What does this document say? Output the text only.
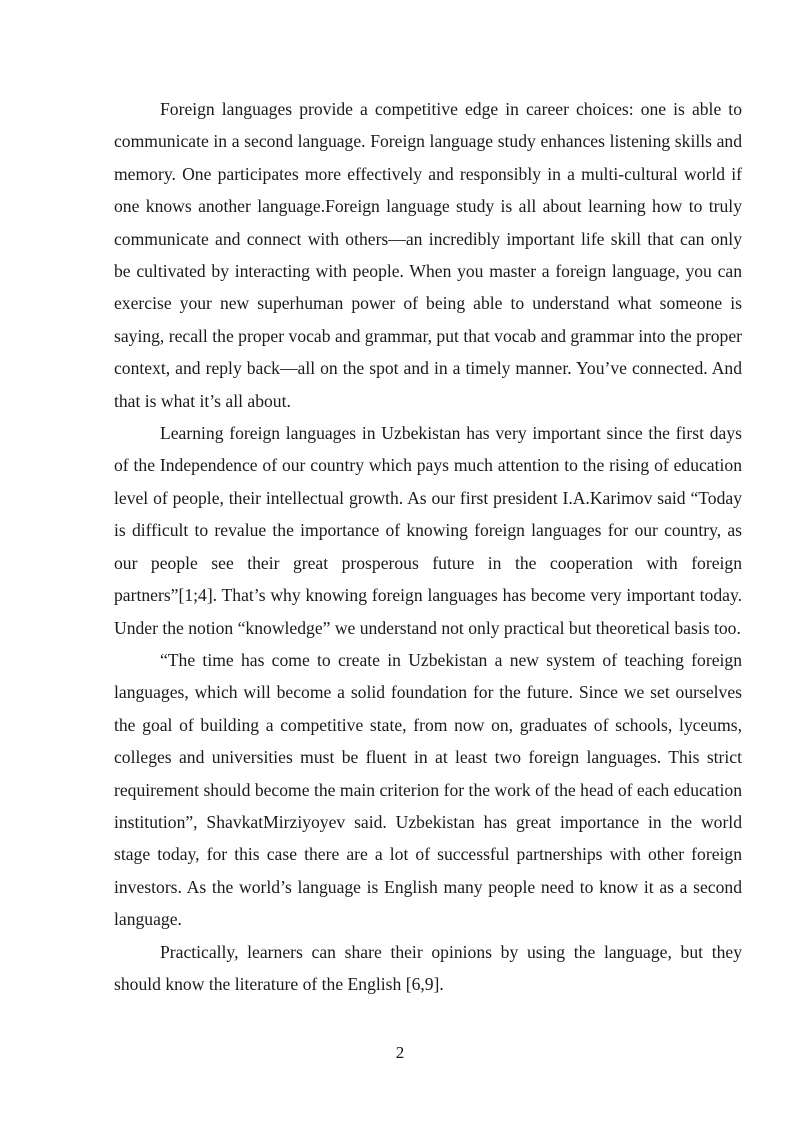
Foreign languages provide a competitive edge in career choices: one is able to communicate in a second language. Foreign language study enhances listening skills and memory. One participates more effectively and responsibly in a multi-cultural world if one knows another language.Foreign language study is all about learning how to truly communicate and connect with others—an incredibly important life skill that can only be cultivated by interacting with people. When you master a foreign language, you can exercise your new superhuman power of being able to understand what someone is saying, recall the proper vocab and grammar, put that vocab and grammar into the proper context, and reply back—all on the spot and in a timely manner. You’ve connected. And that is what it’s all about.

Learning foreign languages in Uzbekistan has very important since the first days of the Independence of our country which pays much attention to the rising of education level of people, their intellectual growth. As our first president I.A.Karimov said “Today is difficult to revalue the importance of knowing foreign languages for our country, as our people see their great prosperous future in the cooperation with foreign partners”[1;4]. That’s why knowing foreign languages has become very important today. Under the notion “knowledge” we understand not only practical but theoretical basis too.

“The time has come to create in Uzbekistan a new system of teaching foreign languages, which will become a solid foundation for the future. Since we set ourselves the goal of building a competitive state, from now on, graduates of schools, lyceums, colleges and universities must be fluent in at least two foreign languages. This strict requirement should become the main criterion for the work of the head of each education institution”, ShavkatMirziyoyev said. Uzbekistan has great importance in the world stage today, for this case there are a lot of successful partnerships with other foreign investors. As the world’s language is English many people need to know it as a second language.

Practically, learners can share their opinions by using the language, but they should know the literature of the English [6,9].

2
